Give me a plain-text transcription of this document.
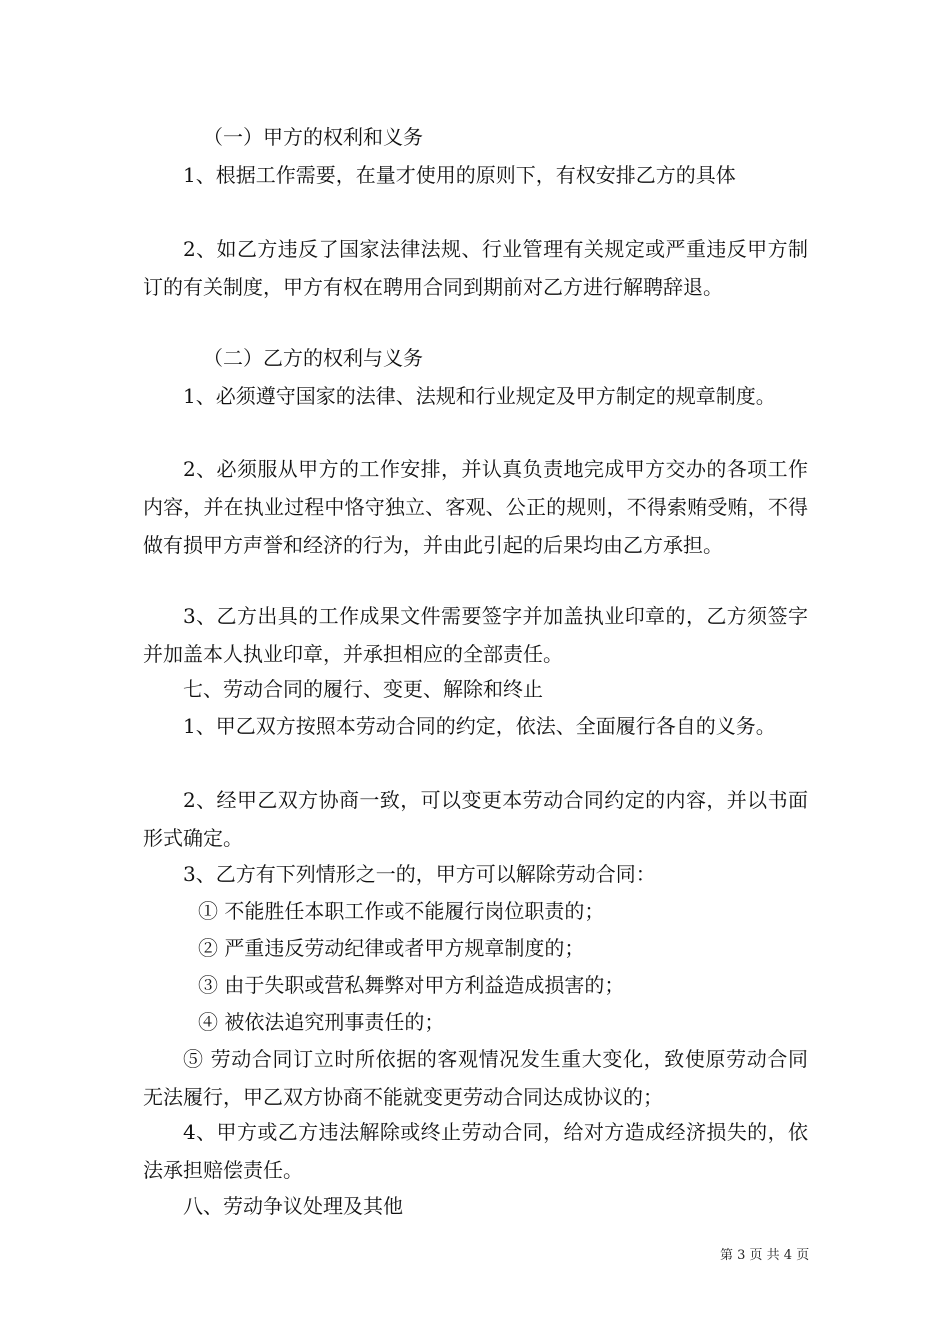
（一）甲方的权利和义务

1、根据工作需要，在量才使用的原则下，有权安排乙方的具体

2、如乙方违反了国家法律法规、行业管理有关规定或严重违反甲方制订的有关制度，甲方有权在聘用合同到期前对乙方进行解聘辞退。

（二）乙方的权利与义务

1、必须遵守国家的法律、法规和行业规定及甲方制定的规章制度。

2、必须服从甲方的工作安排，并认真负责地完成甲方交办的各项工作内容，并在执业过程中恪守独立、客观、公正的规则，不得索贿受贿，不得做有损甲方声誉和经济的行为，并由此引起的后果均由乙方承担。

3、乙方出具的工作成果文件需要签字并加盖执业印章的，乙方须签字并加盖本人执业印章，并承担相应的全部责任。

七、劳动合同的履行、变更、解除和终止

1、甲乙双方按照本劳动合同的约定，依法、全面履行各自的义务。

2、经甲乙双方协商一致，可以变更本劳动合同约定的内容，并以书面形式确定。

3、乙方有下列情形之一的，甲方可以解除劳动合同：

① 不能胜任本职工作或不能履行岗位职责的；

② 严重违反劳动纪律或者甲方规章制度的；

③ 由于失职或营私舞弊对甲方利益造成损害的；

④ 被依法追究刑事责任的；

⑤ 劳动合同订立时所依据的客观情况发生重大变化，致使原劳动合同无法履行，甲乙双方协商不能就变更劳动合同达成协议的；

4、甲方或乙方违法解除或终止劳动合同，给对方造成经济损失的，依法承担赔偿责任。

八、劳动争议处理及其他

第 3 页 共 4 页
